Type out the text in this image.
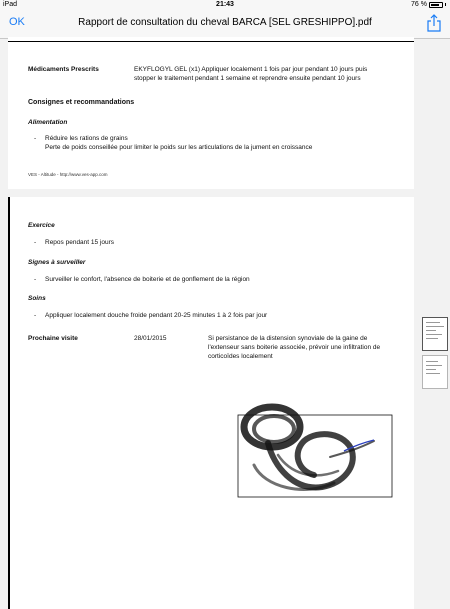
iPad	21:43	76 %
OK	Rapport de consultation du cheval BARCA [SEL GRESHIPPO].pdf
Médicaments Prescrits	EKYFLOGYL GEL (x1) Appliquer localement 1 fois par jour pendant 10 jours puis
stopper le traitement pendant 1 semaine et reprendre ensuite pendant 10 jours
Consignes et recommandations
Alimentation
- Réduire les rations de grains
Perte de poids conseillée pour limiter le poids sur les articulations de la jument en croissance
VES - Altitude - http://www.ves-app.com
Exercice
- Repos pendant 15 jours
Signes à surveiller
- Surveiller le confort, l'absence de boiterie et de gonflement de la région
Soins
- Appliquer localement douche froide pendant 20-25 minutes 1 à 2 fois par jour
Prochaine visite	28/01/2015	Si persistance de la distension synoviale de la gaine de
l'extenseur sans boiterie associée, prévoir une infiltration de
corticoïdes localement
